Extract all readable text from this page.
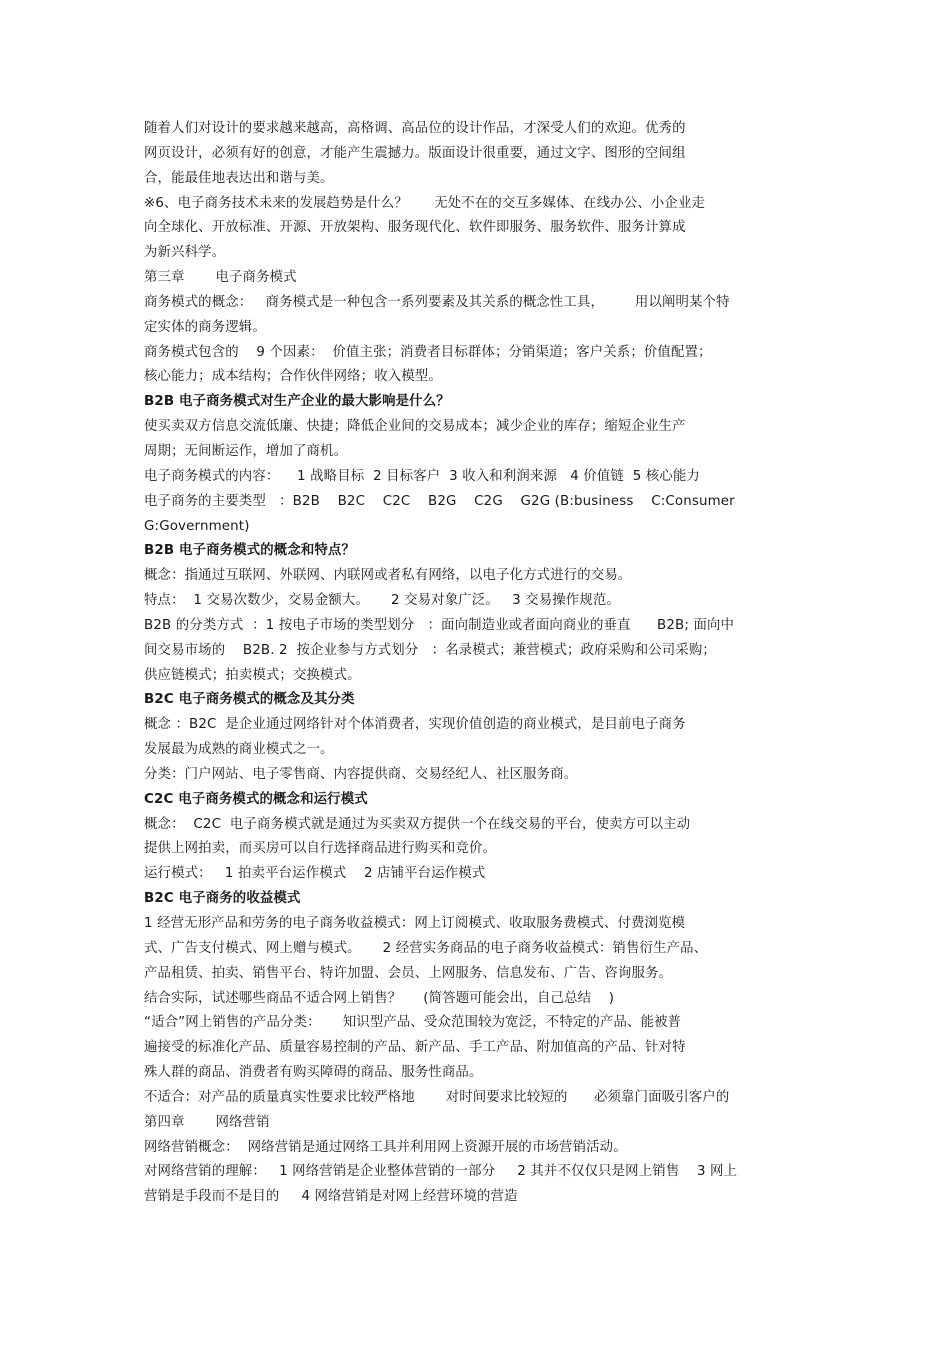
随着人们对设计的要求越来越高，高格调、高品位的设计作品，才深受人们的欢迎。优秀的
网页设计，必须有好的创意，才能产生震撼力。版面设计很重要，通过文字、图形的空间组
合，能最佳地表达出和谐与美。
※6、电子商务技术未来的发展趋势是什么？      无处不在的交互多媒体、在线办公、小企业走
向全球化、开放标准、开源、开放架构、服务现代化、软件即服务、服务软件、服务计算成
为新兴科学。
第三章       电子商务模式
商务模式的概念：   商务模式是一种包含一系列要素及其关系的概念性工具，       用以阐明某个特
定实体的商务逻辑。
商务模式包含的    9 个因素：  价值主张；消费者目标群体；分销渠道；客户关系；价值配置；
核心能力；成本结构；合作伙伴网络；收入模型。
B2B 电子商务模式对生产企业的最大影响是什么？
使买卖双方信息交流低廉、快捷；降低企业间的交易成本；减少企业的库存；缩短企业生产
周期；无间断运作，增加了商机。
电子商务模式的内容：    1 战略目标  2 目标客户  3 收入和利润来源   4 价值链  5 核心能力
电子商务的主要类型   ：B2B    B2C    C2C    B2G    C2G    G2G (B:business    C:Consumer
G:Government)
B2B 电子商务模式的概念和特点？
概念：指通过互联网、外联网、内联网或者私有网络，以电子化方式进行的交易。
特点：  1 交易次数少，交易金额大。     2 交易对象广泛。   3 交易操作规范。
B2B 的分类方式  ：1 按电子市场的类型划分   ：面向制造业或者面向商业的垂直      B2B; 面向中
间交易市场的    B2B. 2  按企业参与方式划分   ：名录模式；兼营模式；政府采购和公司采购；
供应链模式；拍卖模式；交换模式。
B2C 电子商务模式的概念及其分类
概念 ：B2C  是企业通过网络针对个体消费者，实现价值创造的商业模式，是目前电子商务
发展最为成熟的商业模式之一。
分类：门户网站、电子零售商、内容提供商、交易经纪人、社区服务商。
C2C 电子商务模式的概念和运行模式
概念：  C2C  电子商务模式就是通过为买卖双方提供一个在线交易的平台，使卖方可以主动
提供上网拍卖，而买房可以自行选择商品进行购买和竞价。
运行模式：   1 拍卖平台运作模式    2 店铺平台运作模式
B2C 电子商务的收益模式
1 经营无形产品和劳务的电子商务收益模式：网上订阅模式、收取服务费模式、付费浏览模
式、广告支付模式、网上赠与模式。     2 经营实务商品的电子商务收益模式：销售衍生产品、
产品租赁、拍卖、销售平台、特许加盟、会员、上网服务、信息发布、广告、咨询服务。
结合实际，试述哪些商品不适合网上销售？     (简答题可能会出，自己总结    )
“适合”网上销售的产品分类：     知识型产品、受众范围较为宽泛，不特定的产品、能被普
遍接受的标准化产品、质量容易控制的产品、新产品、手工产品、附加值高的产品、针对特
殊人群的商品、消费者有购买障碍的商品、服务性商品。
不适合：对产品的质量真实性要求比较严格地       对时间要求比较短的      必须靠门面吸引客户的
第四章       网络营销
网络营销概念：  网络营销是通过网络工具并利用网上资源开展的市场营销活动。
对网络营销的理解：   1 网络营销是企业整体营销的一部分     2 其并不仅仅只是网上销售    3 网上
营销是手段而不是目的     4 网络营销是对网上经营环境的营造
